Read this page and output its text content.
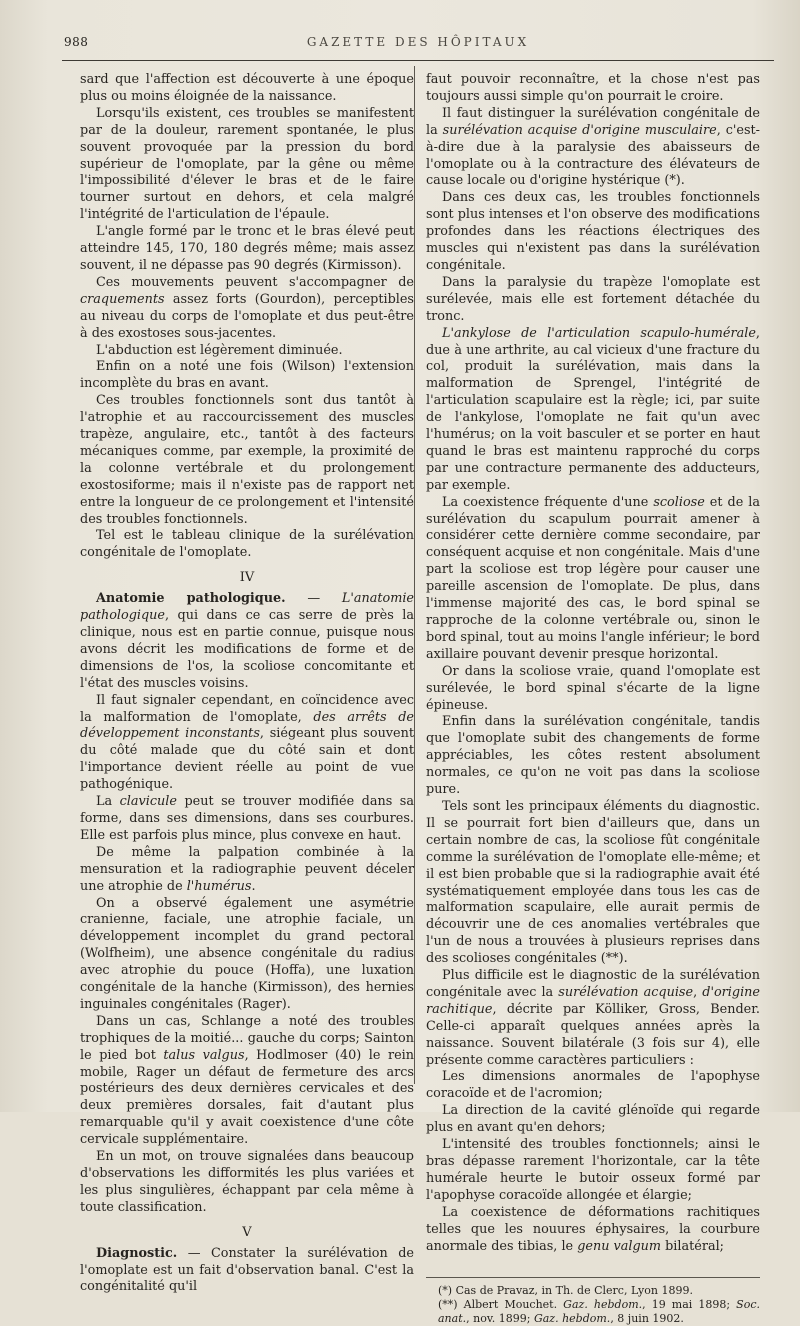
988	GAZETTE DES HÔPITAUX

sard que l'affection est découverte à une époque plus ou moins éloignée de la naissance.

Lorsqu'ils existent, ces troubles se manifestent par de la douleur, rarement spontanée, le plus souvent provoquée par la pression du bord supérieur de l'omoplate, par la gêne ou même l'impossibilité d'élever le bras et de le faire tourner surtout en dehors, et cela malgré l'intégrité de l'articulation de l'épaule.

L'angle formé par le tronc et le bras élevé peut atteindre 145, 170, 180 degrés même; mais assez souvent, il ne dépasse pas 90 degrés (Kirmisson).

Ces mouvements peuvent s'accompagner de craquements assez forts (Gourdon), perceptibles au niveau du corps de l'omoplate et dus peut-être à des exostoses sous-jacentes.

L'abduction est légèrement diminuée.

Enfin on a noté une fois (Wilson) l'extension incomplète du bras en avant.

Ces troubles fonctionnels sont dus tantôt à l'atrophie et au raccourcissement des muscles trapèze, angulaire, etc., tantôt à des facteurs mécaniques comme, par exemple, la proximité de la colonne vertébrale et du prolongement exostosiforme; mais il n'existe pas de rapport net entre la longueur de ce prolongement et l'intensité des troubles fonctionnels.

Tel est le tableau clinique de la surélévation congénitale de l'omoplate.

IV

Anatomie pathologique. — L'anatomie pathologique, qui dans ce cas serre de près la clinique, nous est en partie connue, puisque nous avons décrit les modifications de forme et de dimensions de l'os, la scoliose concomitante et l'état des muscles voisins.

Il faut signaler cependant, en coïncidence avec la malformation de l'omoplate, des arrêts de développement inconstants, siégeant plus souvent du côté malade que du côté sain et dont l'importance devient réelle au point de vue pathogénique.

La clavicule peut se trouver modifiée dans sa forme, dans ses dimensions, dans ses courbures. Elle est parfois plus mince, plus convexe en haut.

De même la palpation combinée à la mensuration et la radiographie peuvent déceler une atrophie de l'humérus.

On a observé également une asymétrie cranienne, faciale, une atrophie faciale, un développement incomplet du grand pectoral (Wolfheim), une absence congénitale du radius avec atrophie du pouce (Hoffa), une luxation congénitale de la hanche (Kirmisson), des hernies inguinales congénitales (Rager).

Dans un cas, Schlange a noté des troubles trophiques de la moitié... gauche du corps; Sainton le pied bot talus valgus, Hodlmoser (40) le rein mobile, Rager un défaut de fermeture des arcs postérieurs des deux dernières cervicales et des deux premières dorsales, fait d'autant plus remarquable qu'il y avait coexistence d'une côte cervicale supplémentaire.

En un mot, on trouve signalées dans beaucoup d'observations les difformités les plus variées et les plus singulières, échappant par cela même à toute classification.

V

Diagnostic. — Constater la surélévation de l'omoplate est un fait d'observation banal. C'est la congénitalité qu'il

faut pouvoir reconnaître, et la chose n'est pas toujours aussi simple qu'on pourrait le croire.

Il faut distinguer la surélévation congénitale de la surélévation acquise d'origine musculaire, c'est-à-dire due à la paralysie des abaisseurs de l'omoplate ou à la contracture des élévateurs de cause locale ou d'origine hystérique (*).

Dans ces deux cas, les troubles fonctionnels sont plus intenses et l'on observe des modifications profondes dans les réactions électriques des muscles qui n'existent pas dans la surélévation congénitale.

Dans la paralysie du trapèze l'omoplate est surélevée, mais elle est fortement détachée du tronc.

L'ankylose de l'articulation scapulo-humérale, due à une arthrite, au cal vicieux d'une fracture du col, produit la surélévation, mais dans la malformation de Sprengel, l'intégrité de l'articulation scapulaire est la règle; ici, par suite de l'ankylose, l'omoplate ne fait qu'un avec l'humérus; on la voit basculer et se porter en haut quand le bras est maintenu rapproché du corps par une contracture permanente des adducteurs, par exemple.

La coexistence fréquente d'une scoliose et de la surélévation du scapulum pourrait amener à considérer cette dernière comme secondaire, par conséquent acquise et non congénitale. Mais d'une part la scoliose est trop légère pour causer une pareille ascension de l'omoplate. De plus, dans l'immense majorité des cas, le bord spinal se rapproche de la colonne vertébrale ou, sinon le bord spinal, tout au moins l'angle inférieur; le bord axillaire pouvant devenir presque horizontal.

Or dans la scoliose vraie, quand l'omoplate est surélevée, le bord spinal s'écarte de la ligne épineuse.

Enfin dans la surélévation congénitale, tandis que l'omoplate subit des changements de forme appréciables, les côtes restent absolument normales, ce qu'on ne voit pas dans la scoliose pure.

Tels sont les principaux éléments du diagnostic. Il se pourrait fort bien d'ailleurs que, dans un certain nombre de cas, la scoliose fût congénitale comme la surélévation de l'omoplate elle-même; et il est bien probable que si la radiographie avait été systématiquement employée dans tous les cas de malformation scapulaire, elle aurait permis de découvrir une de ces anomalies vertébrales que l'un de nous a trouvées à plusieurs reprises dans des scolioses congénitales (**).

Plus difficile est le diagnostic de la surélévation congénitale avec la surélévation acquise, d'origine rachitique, décrite par Kölliker, Gross, Bender. Celle-ci apparaît quelques années après la naissance. Souvent bilatérale (3 fois sur 4), elle présente comme caractères particuliers :

Les dimensions anormales de l'apophyse coracoïde et de l'acromion;

La direction de la cavité glénoïde qui regarde plus en avant qu'en dehors;

L'intensité des troubles fonctionnels; ainsi le bras dépasse rarement l'horizontale, car la tête humérale heurte le butoir osseux formé par l'apophyse coracoïde allongée et élargie;

La coexistence de déformations rachitiques telles que les nouures éphysaires, la courbure anormale des tibias, le genu valgum bilatéral;

(*) Cas de Pravaz, in Th. de Clerc, Lyon 1899.

(**) Albert Mouchet. Gaz. hebdom., 19 mai 1898; Soc. anat., nov. 1899; Gaz. hebdom., 8 juin 1902.
